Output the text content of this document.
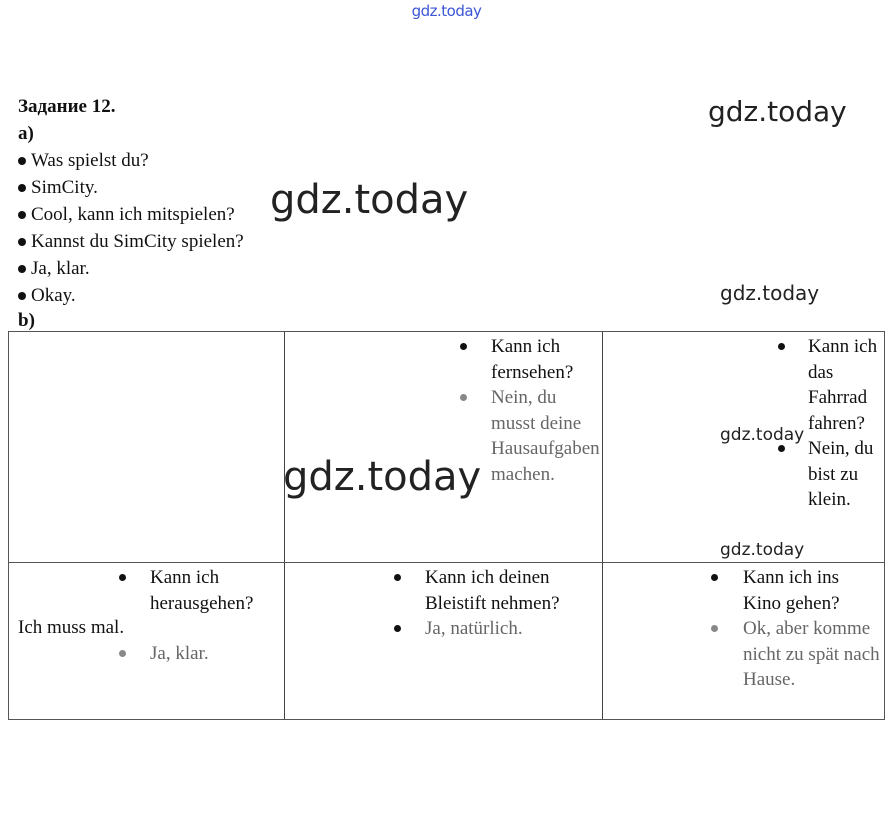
gdz.today
gdz.today
gdz.today
gdz.today
Задание 12.
a)
Was spielst du?
SimCity.
Cool, kann ich mitspielen?
Kannst du SimCity spielen?
Ja, klar.
Okay.
b)
Kann ich fernsehen?
Nein, du musst deine Hausaufgaben machen.
Kann ich das Fahrrad fahren?
Nein, du bist zu klein.
Ich muss mal.
Kann ich herausgehen?
Ja, klar.
Kann ich deinen Bleistift nehmen?
Ja, natürlich.
Kann ich ins Kino gehen?
Ok, aber komme nicht zu spät nach Hause.
gdz.today
gdz.today
gdz.today
